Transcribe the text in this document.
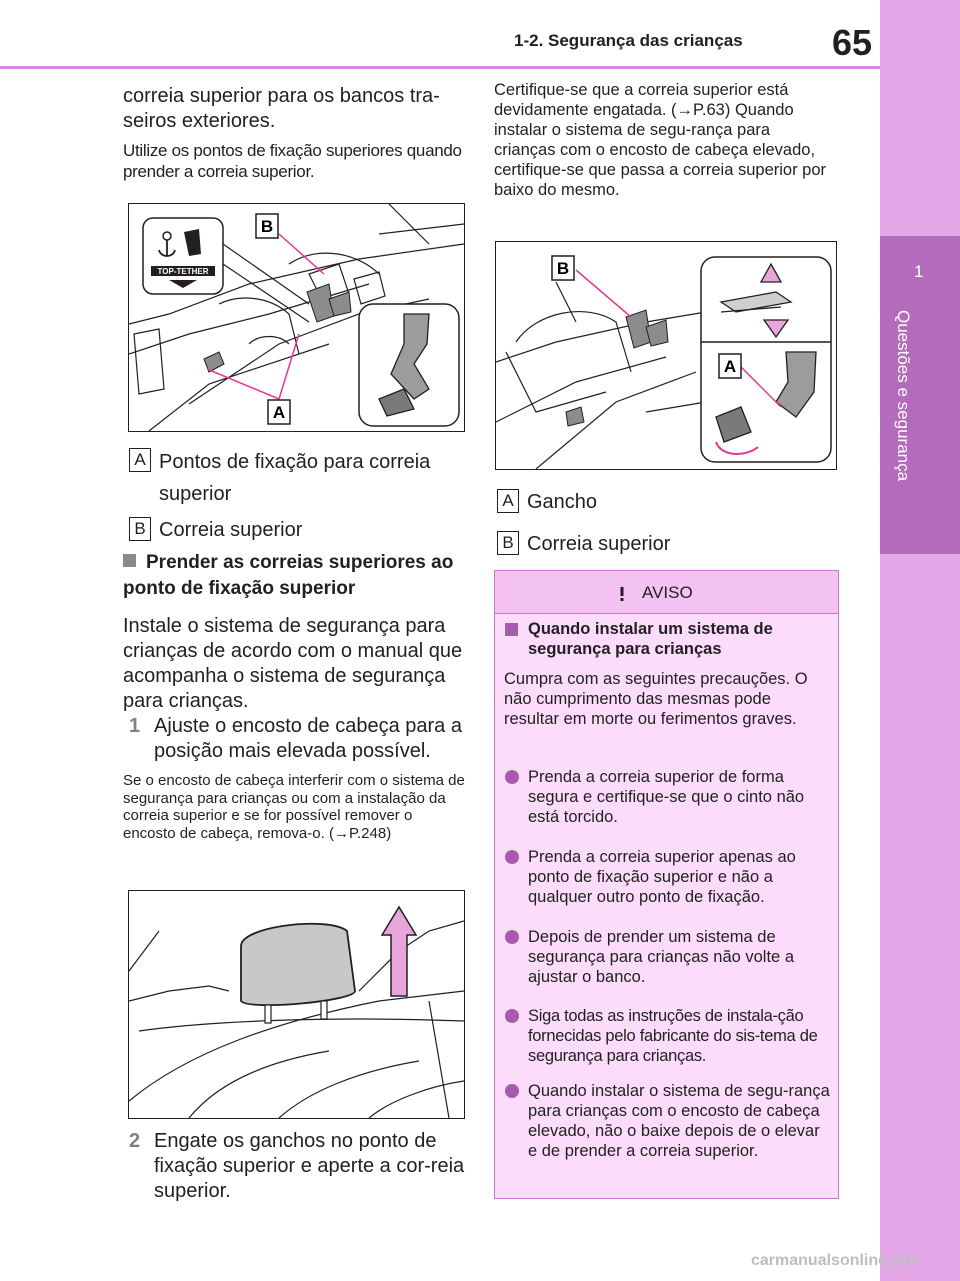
1-2. Segurança das crianças 65
1
Questões e segurança

correia superior para os bancos tra-seiros exteriores.

Utilize os pontos de fixação superiores quando prender a correia superior.

TOP-TETHER
B
A
A Pontos de fixação para correia superior
B Correia superior
Prender as correias superiores ao ponto de fixação superior

Instale o sistema de segurança para crianças de acordo com o manual que acompanha o sistema de segurança para crianças.

1 Ajuste o encosto de cabeça para a posição mais elevada possível.

Se o encosto de cabeça interferir com o sistema de segurança para crianças ou com a instalação da correia superior e se for possível remover o encosto de cabeça, remova-o. (→P.248)

2 Engate os ganchos no ponto de fixação superior e aperte a cor-reia superior.

Certifique-se que a correia superior está devidamente engatada. (→P.63) Quando instalar o sistema de segu-rança para crianças com o encosto de cabeça elevado, certifique-se que passa a correia superior por baixo do mesmo.

B
A
A Gancho
B Correia superior
AVISO
Quando instalar um sistema de segurança para crianças
Cumpra com as seguintes precauções. O não cumprimento das mesmas pode resultar em morte ou ferimentos graves.
Prenda a correia superior de forma segura e certifique-se que o cinto não está torcido.
Prenda a correia superior apenas ao ponto de fixação superior e não a qualquer outro ponto de fixação.
Depois de prender um sistema de segurança para crianças não volte a ajustar o banco.
Siga todas as instruções de instala-ção fornecidas pelo fabricante do sis-tema de segurança para crianças.
Quando instalar o sistema de segu-rança para crianças com o encosto de cabeça elevado, não o baixe depois de o elevar e de prender a correia superior.
carmanualsonline.info
